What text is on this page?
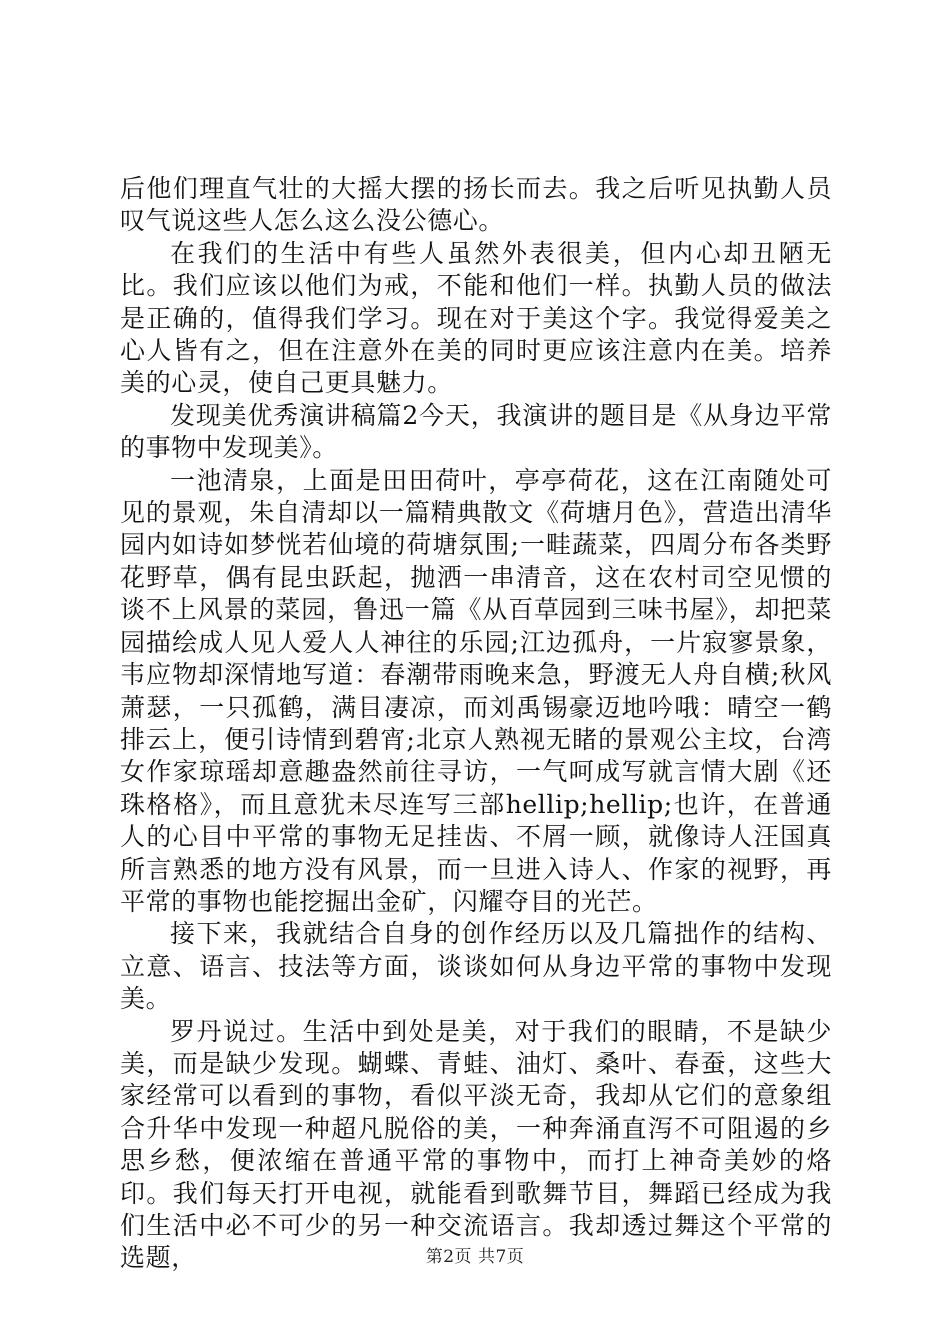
后他们理直气壮的大摇大摆的扬长而去。我之后听见执勤人员叹气说这些人怎么这么没公德心。

在我们的生活中有些人虽然外表很美，但内心却丑陋无比。我们应该以他们为戒，不能和他们一样。执勤人员的做法是正确的，值得我们学习。现在对于美这个字。我觉得爱美之心人皆有之，但在注意外在美的同时更应该注意内在美。培养美的心灵，使自己更具魅力。

发现美优秀演讲稿篇2今天，我演讲的题目是《从身边平常的事物中发现美》。

一池清泉，上面是田田荷叶，亭亭荷花，这在江南随处可见的景观，朱自清却以一篇精典散文《荷塘月色》，营造出清华园内如诗如梦恍若仙境的荷塘氛围;一畦蔬菜，四周分布各类野花野草，偶有昆虫跃起，抛洒一串清音，这在农村司空见惯的谈不上风景的菜园，鲁迅一篇《从百草园到三味书屋》，却把菜园描绘成人见人爱人人神往的乐园;江边孤舟，一片寂寥景象，韦应物却深情地写道：春潮带雨晚来急，野渡无人舟自横;秋风萧瑟，一只孤鹤，满目凄凉，而刘禹锡豪迈地吟哦：晴空一鹤排云上，便引诗情到碧宵;北京人熟视无睹的景观公主坟，台湾女作家琼瑶却意趣盎然前往寻访，一气呵成写就言情大剧《还珠格格》，而且意犹未尽连写三部hellip;hellip;也许，在普通人的心目中平常的事物无足挂齿、不屑一顾，就像诗人汪国真所言熟悉的地方没有风景，而一旦进入诗人、作家的视野，再平常的事物也能挖掘出金矿，闪耀夺目的光芒。

接下来，我就结合自身的创作经历以及几篇拙作的结构、立意、语言、技法等方面，谈谈如何从身边平常的事物中发现美。

罗丹说过。生活中到处是美，对于我们的眼睛，不是缺少美，而是缺少发现。蝴蝶、青蛙、油灯、桑叶、春蚕，这些大家经常可以看到的事物，看似平淡无奇，我却从它们的意象组合升华中发现一种超凡脱俗的美，一种奔涌直泻不可阻遏的乡思乡愁，便浓缩在普通平常的事物中，而打上神奇美妙的烙印。我们每天打开电视，就能看到歌舞节目，舞蹈已经成为我们生活中必不可少的另一种交流语言。我却透过舞这个平常的选题，	第2页 共7页
